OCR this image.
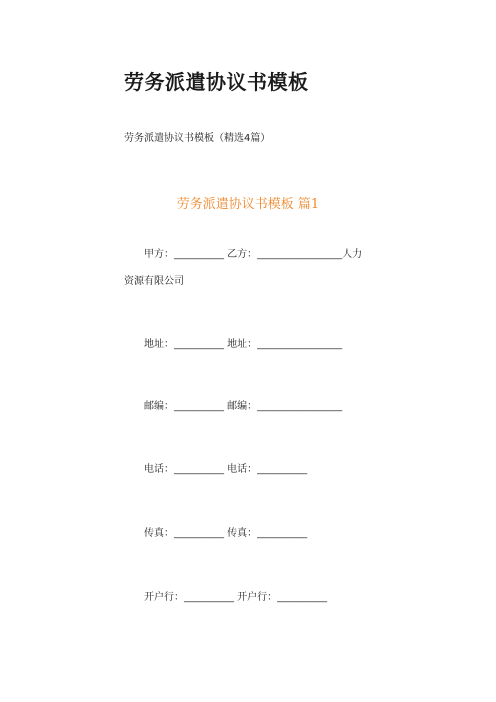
劳务派遣协议书模板
劳务派遣协议书模板（精选4篇）
劳务派遣协议书模板 篇1
甲方：__________ 乙方：_________________人力
资源有限公司
地址：__________ 地址：_________________
邮编：__________ 邮编：_________________
电话：__________ 电话：__________
传真：__________ 传真：__________
开户行：__________ 开户行：__________
